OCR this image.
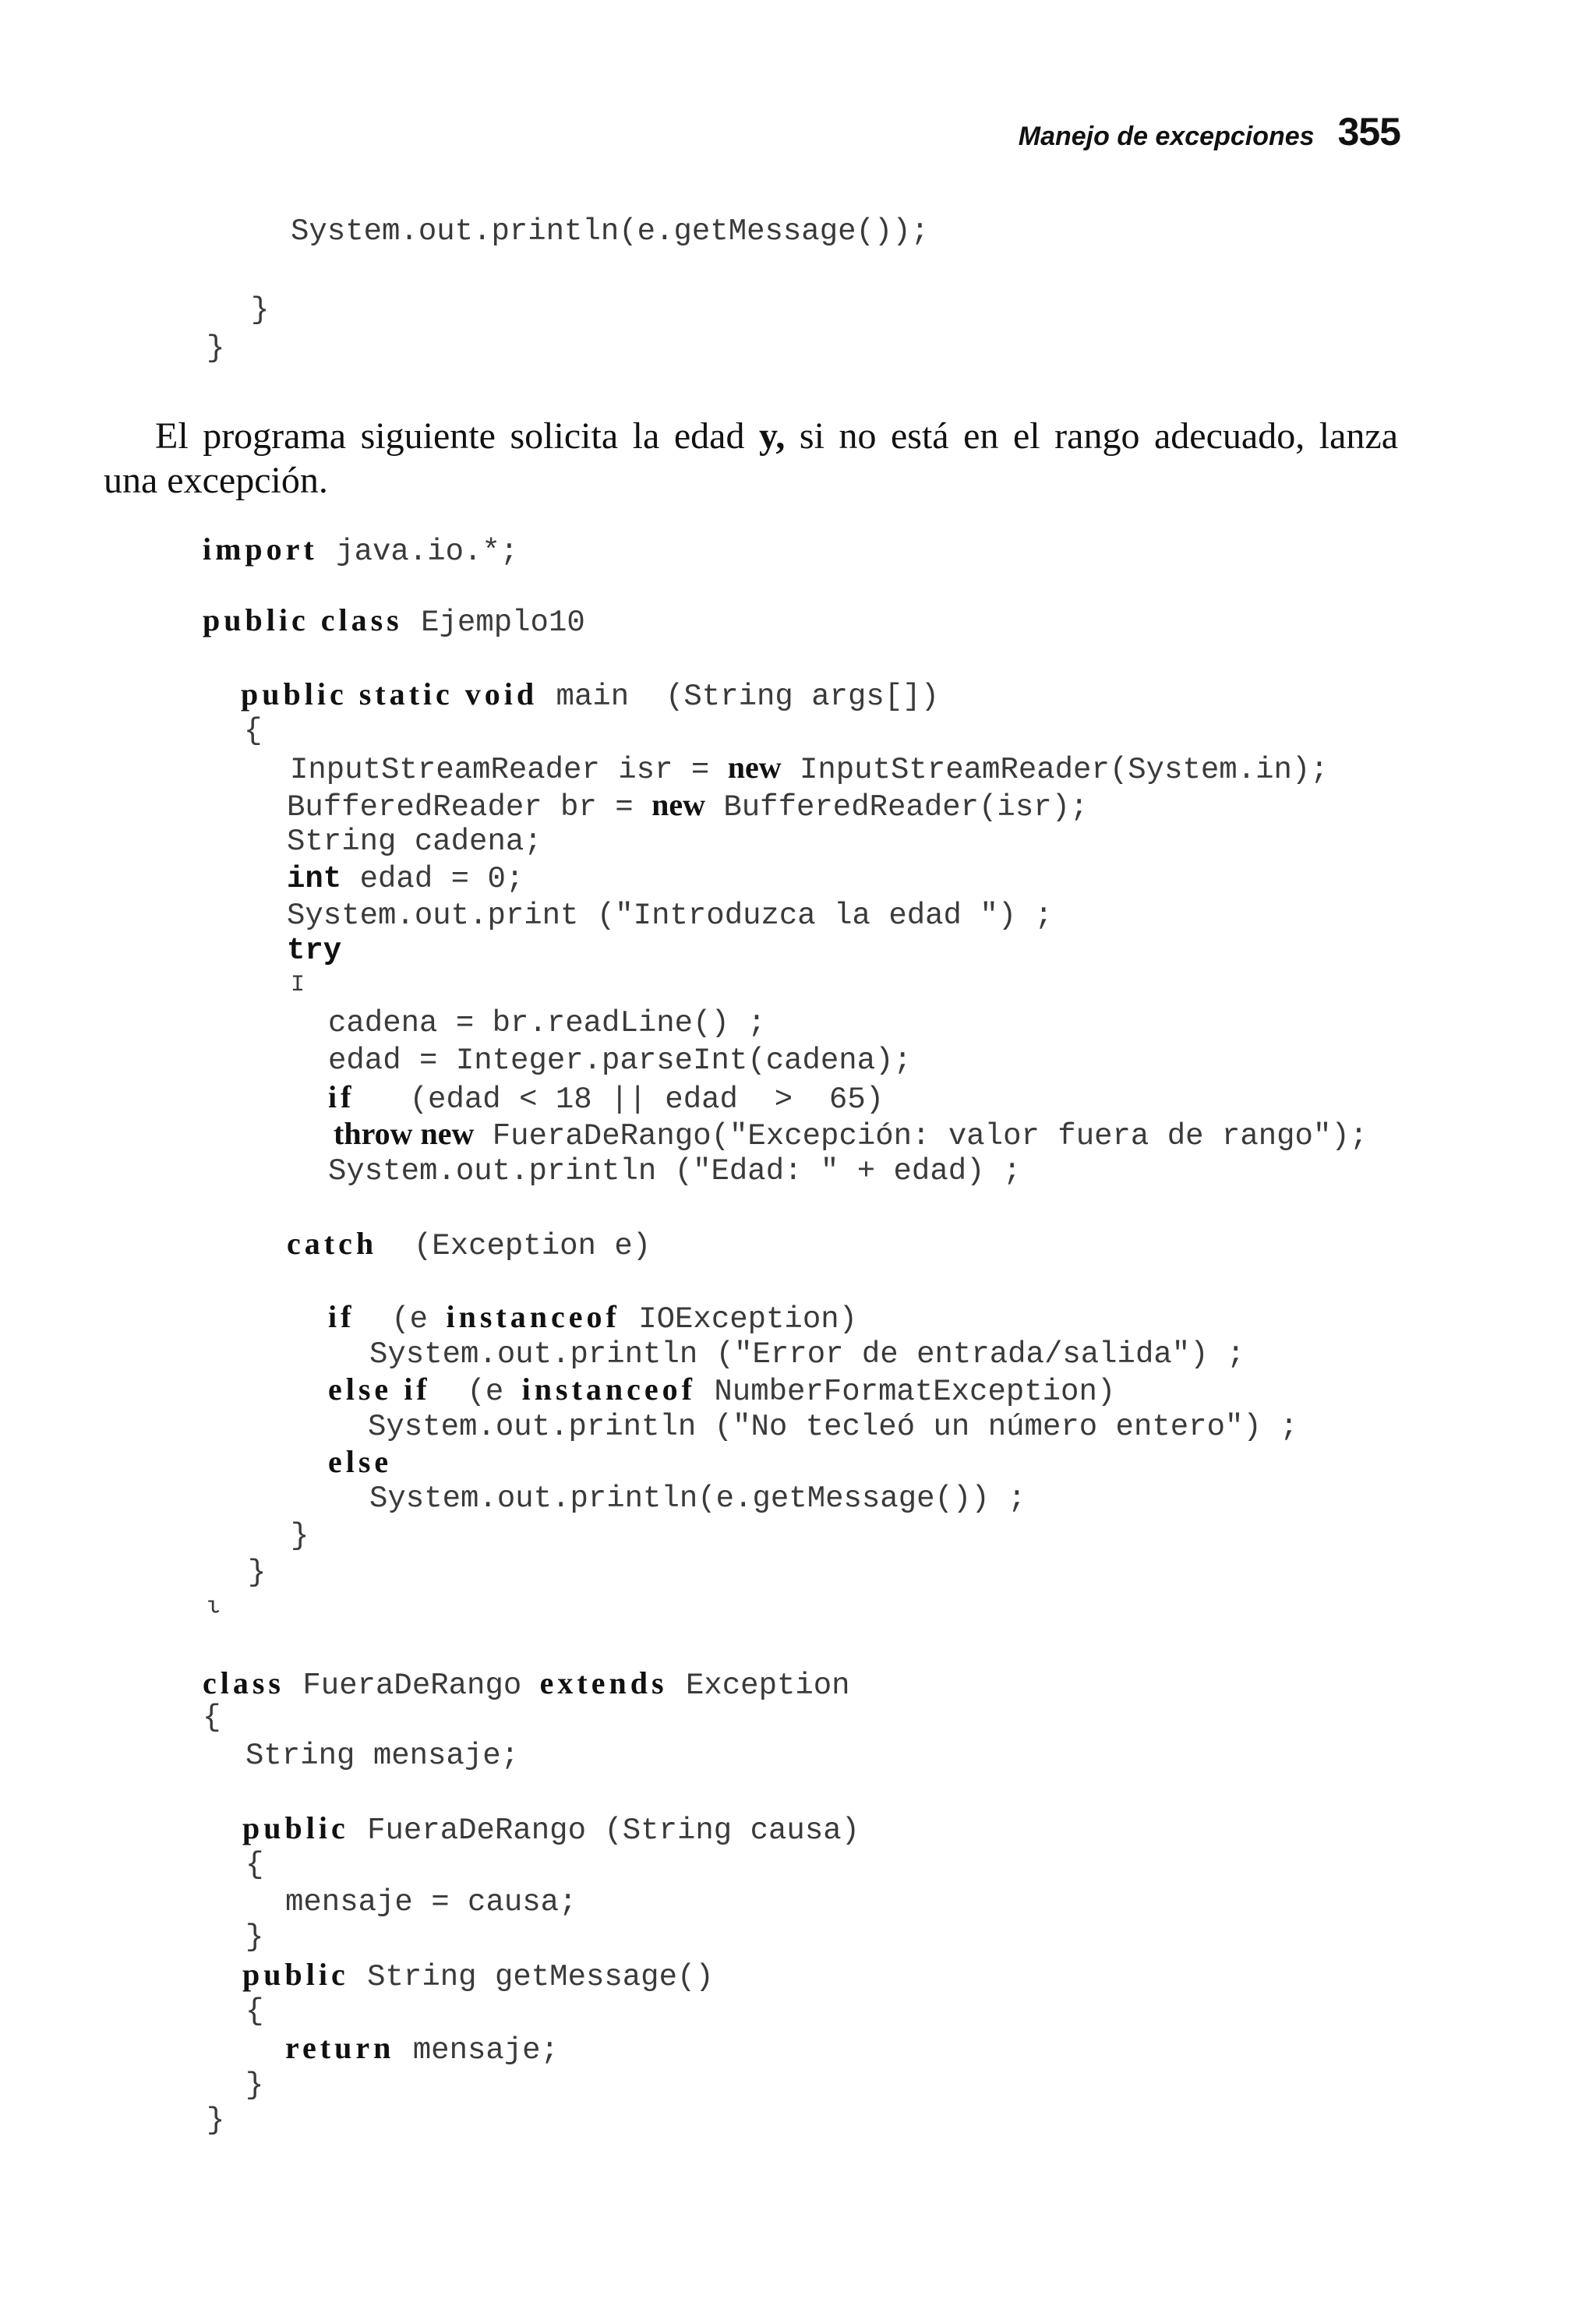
Manejo de excepciones 355
System.out.println(e.getMessage());
}
}
El programa siguiente solicita la edad y, si no está en el rango adecuado, lanza
una excepción.
import java.io.*;
public class Ejemplo10
public static void main  (String args[])
{
InputStreamReader isr = new InputStreamReader(System.in);
BufferedReader br = new BufferedReader(isr);
String cadena;
int edad = 0;
System.out.print ("Introduzca la edad ") ;
try
I
cadena = br.readLine() ;
edad = Integer.parseInt(cadena);
if   (edad < 18 || edad  >  65)
throw new FueraDeRango("Excepción: valor fuera de rango");
System.out.println ("Edad: " + edad) ;
catch  (Exception e)
if  (e instanceof IOException)
System.out.println ("Error de entrada/salida") ;
else if  (e instanceof NumberFormatException)
System.out.println ("No tecleó un número entero") ;
else
System.out.println(e.getMessage()) ;
}
}
ι
class FueraDeRango extends Exception
{
String mensaje;
public FueraDeRango (String causa)
{
mensaje = causa;
}
public String getMessage()
{
return mensaje;
}
}
